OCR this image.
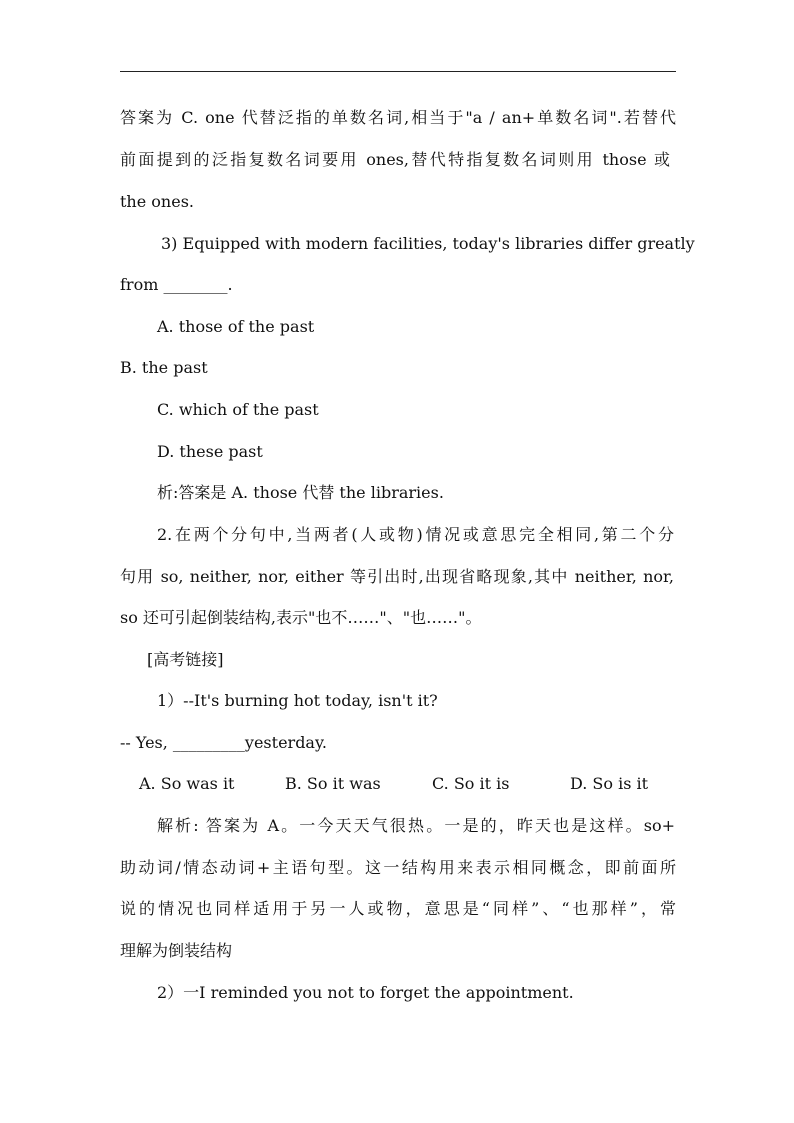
答案为 C. one 代替泛指的单数名词,相当于"a / an+单数名词".若替代
前面提到的泛指复数名词要用 ones,替代特指复数名词则用 those 或
the ones.
3) Equipped with modern facilities, today's libraries differ greatly
from ________.
A. those of the past
B. the past
C. which of the past
D. these past
析:答案是 A. those 代替 the libraries.
2.在两个分句中,当两者(人或物)情况或意思完全相同,第二个分
句用 so, neither, nor, either 等引出时,出现省略现象,其中 neither, nor,
so 还可引起倒装结构,表示"也不……"、"也……"。
[高考链接]
1）--It's burning hot today, isn't it?
-- Yes, _________yesterday.
A. So was it	B. So it was	C. So it is	D. So is it
解析: 答案为 A。一今天天气很热。一是的，昨天也是这样。so+
助动词/情态动词+主语句型。这一结构用来表示相同概念，即前面所
说的情况也同样适用于另一人或物，意思是“同样”、“也那样”，常
理解为倒装结构
2）一I reminded you not to forget the appointment.
